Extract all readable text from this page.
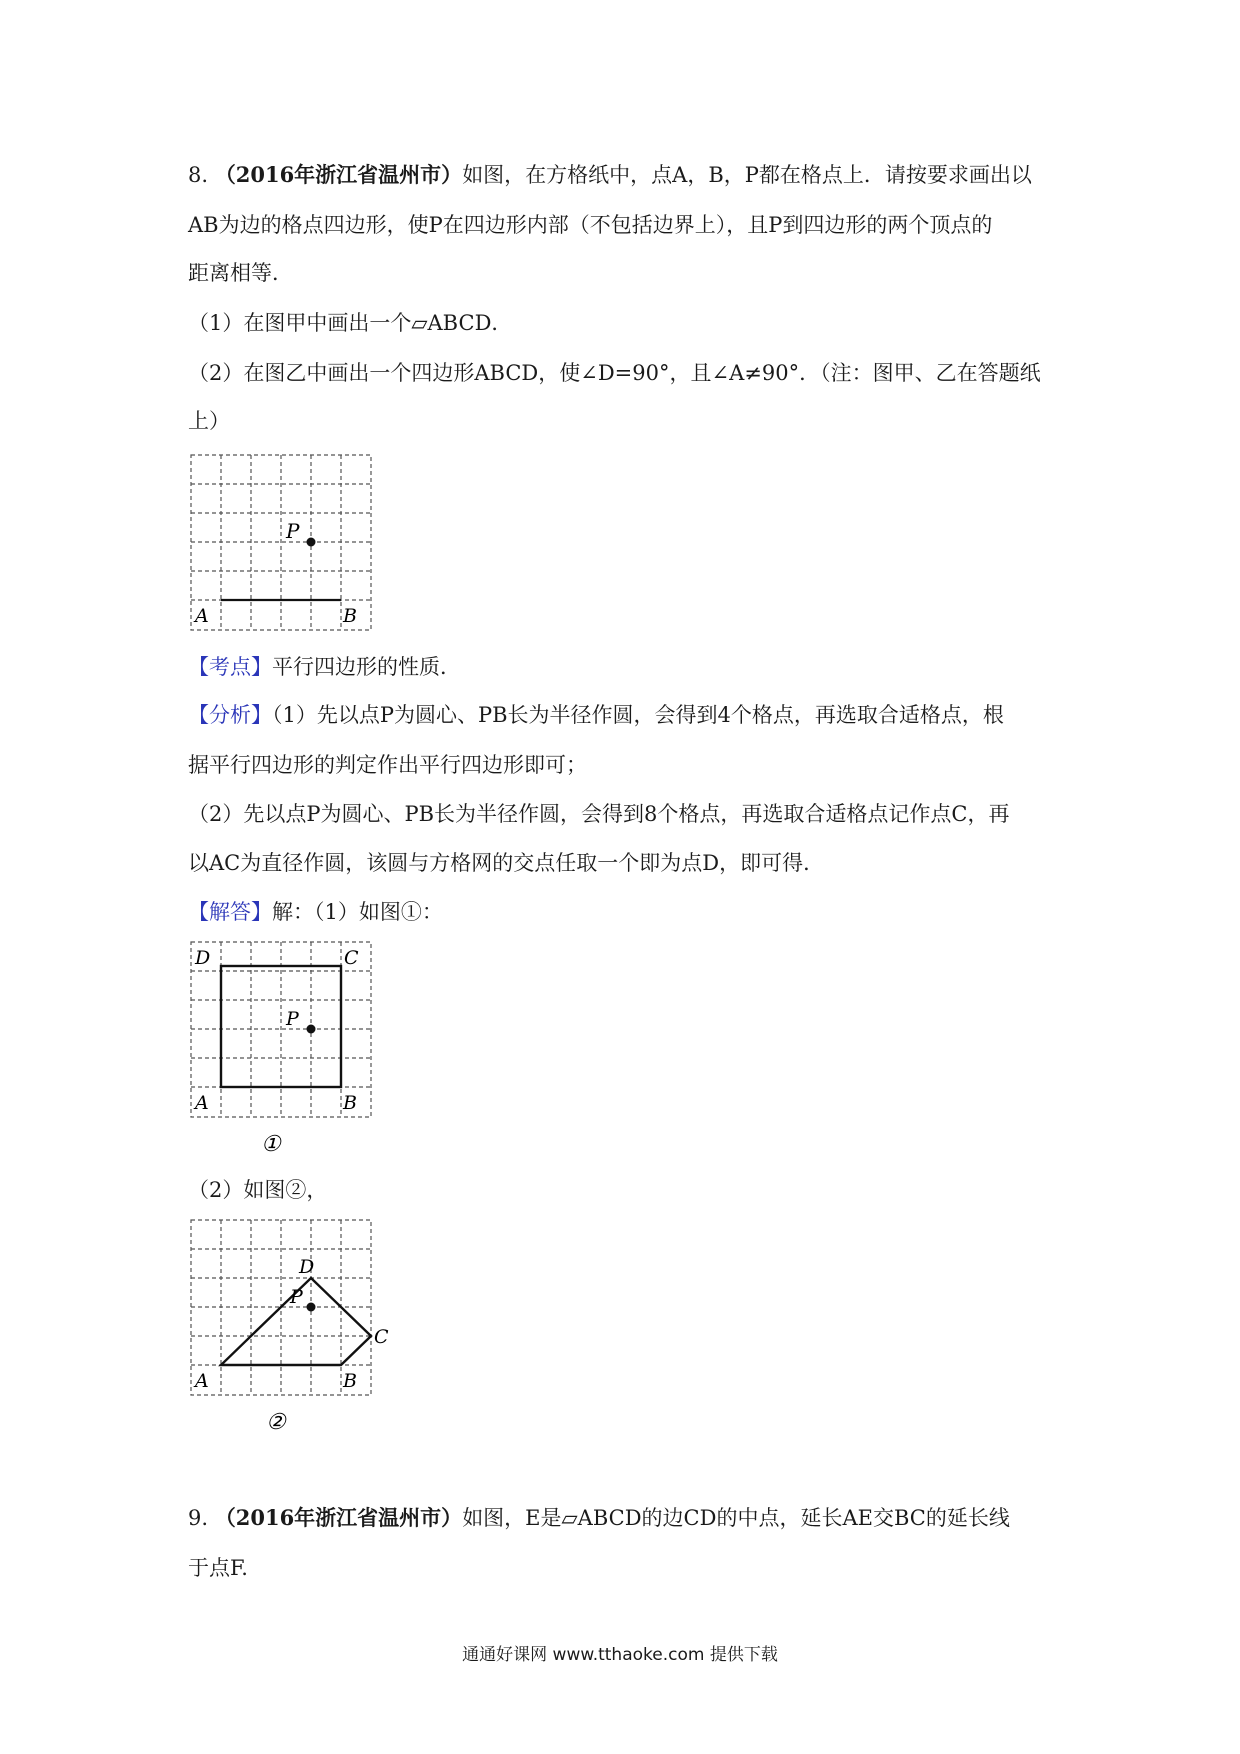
8. （2016年浙江省温州市）如图，在方格纸中，点A，B，P都在格点上．请按要求画出以
AB为边的格点四边形，使P在四边形内部（不包括边界上），且P到四边形的两个顶点的
距离相等．
（1）在图甲中画出一个▱ABCD．
（2）在图乙中画出一个四边形ABCD，使∠D=90°，且∠A≠90°．（注：图甲、乙在答题纸
上）
P
A	B
【考点】平行四边形的性质．
【分析】（1）先以点P为圆心、PB长为半径作圆，会得到4个格点，再选取合适格点，根
据平行四边形的判定作出平行四边形即可；
（2）先以点P为圆心、PB长为半径作圆，会得到8个格点，再选取合适格点记作点C，再
以AC为直径作圆，该圆与方格网的交点任取一个即为点D，即可得．
【解答】解：（1）如图①：
P
D	C
A	B
①
（2）如图②，
P
D
C
A	B
②
9. （2016年浙江省温州市）如图，E是▱ABCD的边CD的中点，延长AE交BC的延长线
于点F.
通通好课网 www.tthaoke.com 提供下载
